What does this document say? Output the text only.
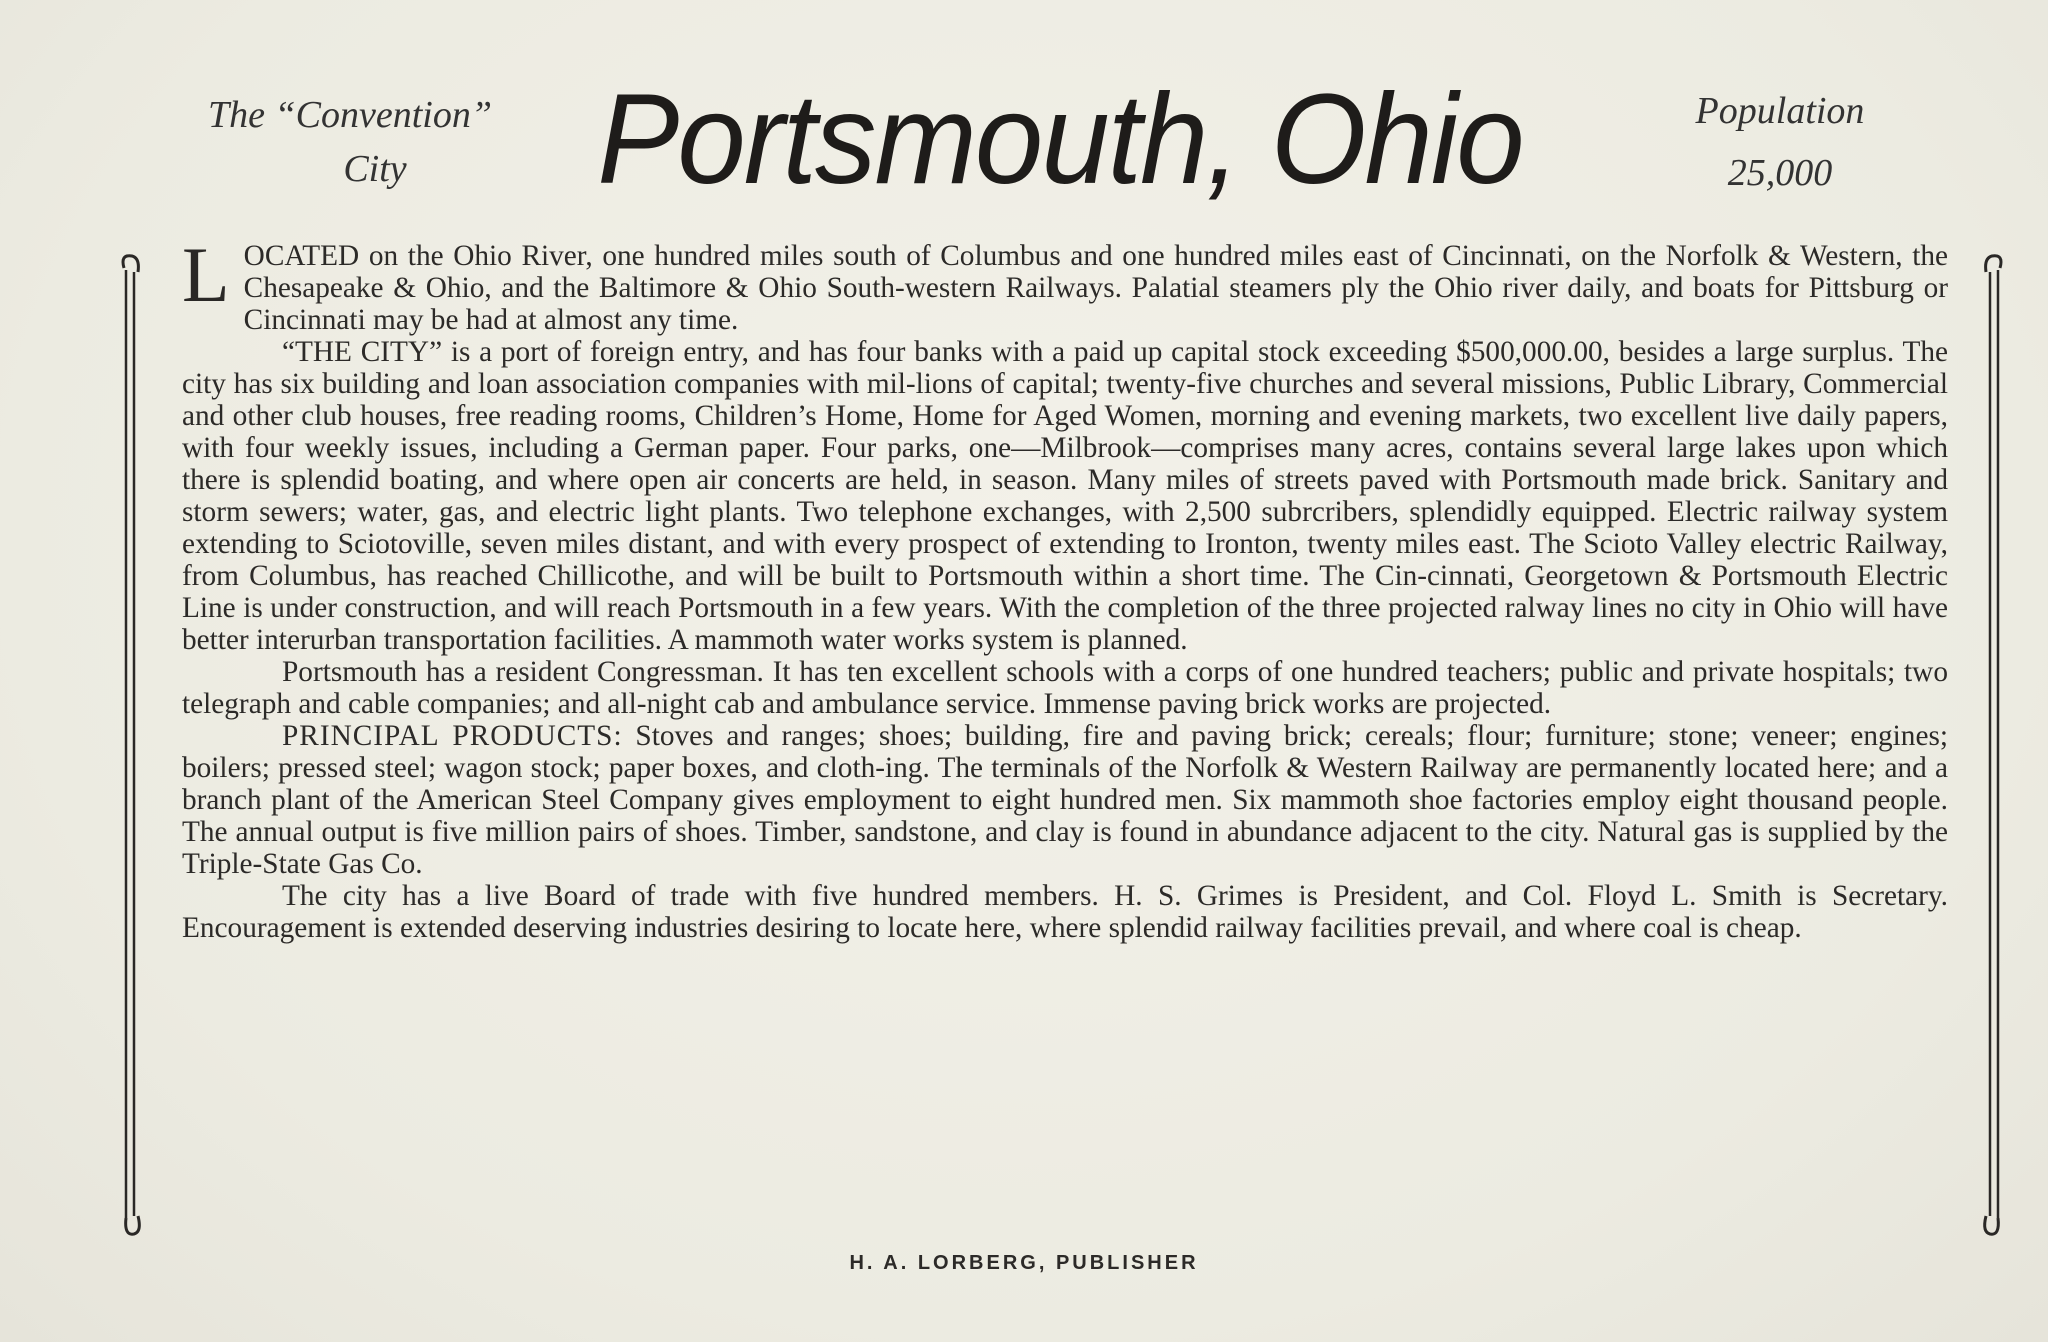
The “Convention”

City	Portsmouth, Ohio	Population
25,000

LOCATED on the Ohio River, one hundred miles south of Columbus and one hundred miles east of Cincinnati, on the Norfolk & Western, the Chesapeake & Ohio, and the Baltimore & Ohio South-western Railways. Palatial steamers ply the Ohio river daily, and boats for Pittsburg or Cincinnati may be had at almost any time.

“THE CITY” is a port of foreign entry, and has four banks with a paid up capital stock exceeding $500,000.00, besides a large surplus. The city has six building and loan association companies with mil-lions of capital; twenty-five churches and several missions, Public Library, Commercial and other club houses, free reading rooms, Children’s Home, Home for Aged Women, morning and evening markets, two excellent live daily papers, with four weekly issues, including a German paper. Four parks, one—Milbrook—comprises many acres, contains several large lakes upon which there is splendid boating, and where open air concerts are held, in season. Many miles of streets paved with Portsmouth made brick. Sanitary and storm sewers; water, gas, and electric light plants. Two telephone exchanges, with 2,500 subrcribers, splendidly equipped. Electric railway system extending to Sciotoville, seven miles distant, and with every prospect of extending to Ironton, twenty miles east. The Scioto Valley electric Railway, from Columbus, has reached Chillicothe, and will be built to Portsmouth within a short time. The Cin-cinnati, Georgetown & Portsmouth Electric Line is under construction, and will reach Portsmouth in a few years. With the completion of the three projected ralway lines no city in Ohio will have better interurban transportation facilities. A mammoth water works system is planned.

Portsmouth has a resident Congressman. It has ten excellent schools with a corps of one hundred teachers; public and private hospitals; two telegraph and cable companies; and all-night cab and ambulance service. Immense paving brick works are projected.

PRINCIPAL PRODUCTS: Stoves and ranges; shoes; building, fire and paving brick; cereals; flour; furniture; stone; veneer; engines; boilers; pressed steel; wagon stock; paper boxes, and cloth-ing. The terminals of the Norfolk & Western Railway are permanently located here; and a branch plant of the American Steel Company gives employment to eight hundred men. Six mammoth shoe factories employ eight thousand people. The annual output is five million pairs of shoes. Timber, sandstone, and clay is found in abundance adjacent to the city. Natural gas is supplied by the Triple-State Gas Co.

The city has a live Board of trade with five hundred members. H. S. Grimes is President, and Col. Floyd L. Smith is Secretary. Encouragement is extended deserving industries desiring to locate here, where splendid railway facilities prevail, and where coal is cheap.

H. A. LORBERG, PUBLISHER
